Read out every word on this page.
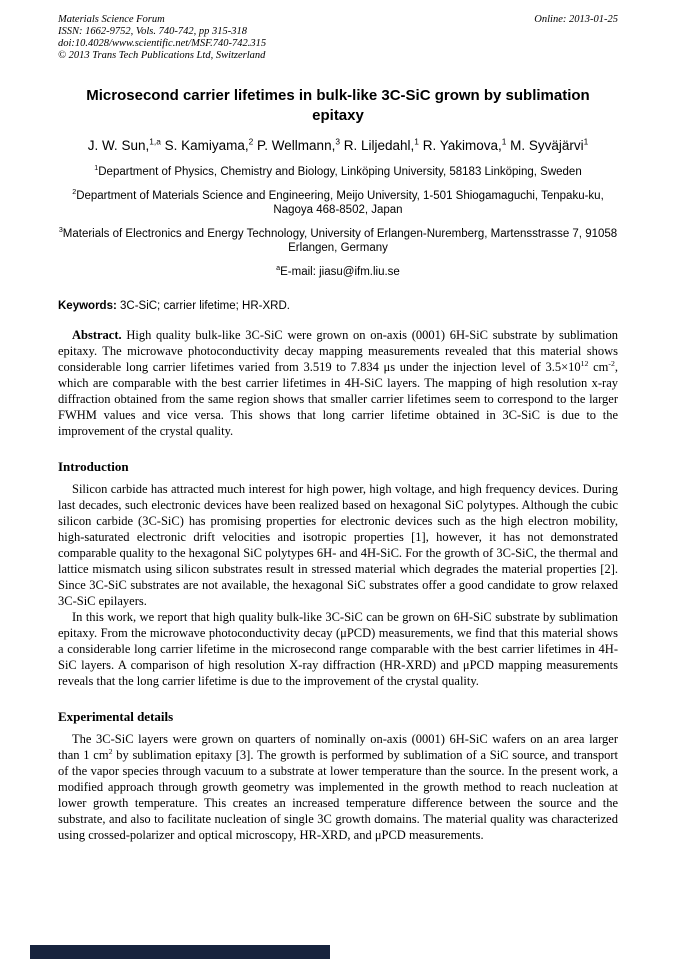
Materials Science Forum
ISSN: 1662-9752, Vols. 740-742, pp 315-318
doi:10.4028/www.scientific.net/MSF.740-742.315
© 2013 Trans Tech Publications Ltd, Switzerland
Online: 2013-01-25
Microsecond carrier lifetimes in bulk-like 3C-SiC grown by sublimation epitaxy
J. W. Sun,$^{1,a}$ S. Kamiyama,$^2$ P. Wellmann,$^3$ R. Liljedahl,$^1$ R. Yakimova,$^1$ M. Syväjärvi$^1$
$^1$Department of Physics, Chemistry and Biology, Linköping University, 58183 Linköping, Sweden
$^2$Department of Materials Science and Engineering, Meijo University, 1-501 Shiogamaguchi, Tenpaku-ku, Nagoya 468-8502, Japan
$^3$Materials of Electronics and Energy Technology, University of Erlangen-Nuremberg, Martensstrasse 7, 91058 Erlangen, Germany
$^a$E-mail: jiasu@ifm.liu.se
Keywords: 3C-SiC; carrier lifetime; HR-XRD.

Abstract. High quality bulk-like 3C-SiC were grown on on-axis (0001) 6H-SiC substrate by sublimation epitaxy. The microwave photoconductivity decay mapping measurements revealed that this material shows considerable long carrier lifetimes varied from 3.519 to 7.834 μs under the injection level of $3.5\times 10^{12}$ $cm^{-2}$, which are comparable with the best carrier lifetimes in 4H-SiC layers. The mapping of high resolution x-ray diffraction obtained from the same region shows that smaller carrier lifetimes seem to correspond to the larger FWHM values and vice versa. This shows that long carrier lifetime obtained in 3C-SiC is due to the improvement of the crystal quality.

Introduction

Silicon carbide has attracted much interest for high power, high voltage, and high frequency devices. During last decades, such electronic devices have been realized based on hexagonal SiC polytypes. Although the cubic silicon carbide (3C-SiC) has promising properties for electronic devices such as the high electron mobility, high-saturated electronic drift velocities and isotropic properties [1], however, it has not demonstrated comparable quality to the hexagonal SiC polytypes 6H- and 4H-SiC. For the growth of 3C-SiC, the thermal and lattice mismatch using silicon substrates result in stressed material which degrades the material properties [2]. Since 3C-SiC substrates are not available, the hexagonal SiC substrates offer a good candidate to grow relaxed 3C-SiC epilayers.

In this work, we report that high quality bulk-like 3C-SiC can be grown on 6H-SiC substrate by sublimation epitaxy. From the microwave photoconductivity decay (μPCD) measurements, we find that this material shows a considerable long carrier lifetime in the microsecond range comparable with the best carrier lifetimes in 4H-SiC layers. A comparison of high resolution X-ray diffraction (HR-XRD) and μPCD mapping measurements reveals that the long carrier lifetime is due to the improvement of the crystal quality.

Experimental details

The 3C-SiC layers were grown on quarters of nominally on-axis (0001) 6H-SiC wafers on an area larger than 1 $cm^2$ by sublimation epitaxy [3]. The growth is performed by sublimation of a SiC source, and transport of the vapor species through vacuum to a substrate at lower temperature than the source. In the present work, a modified approach through growth geometry was implemented in the growth method to reach nucleation at lower growth temperature. This creates an increased temperature difference between the source and the substrate, and also to facilitate nucleation of single 3C growth domains. The material quality was characterized using crossed-polarizer and optical microscopy, HR-XRD, and μPCD measurements.
